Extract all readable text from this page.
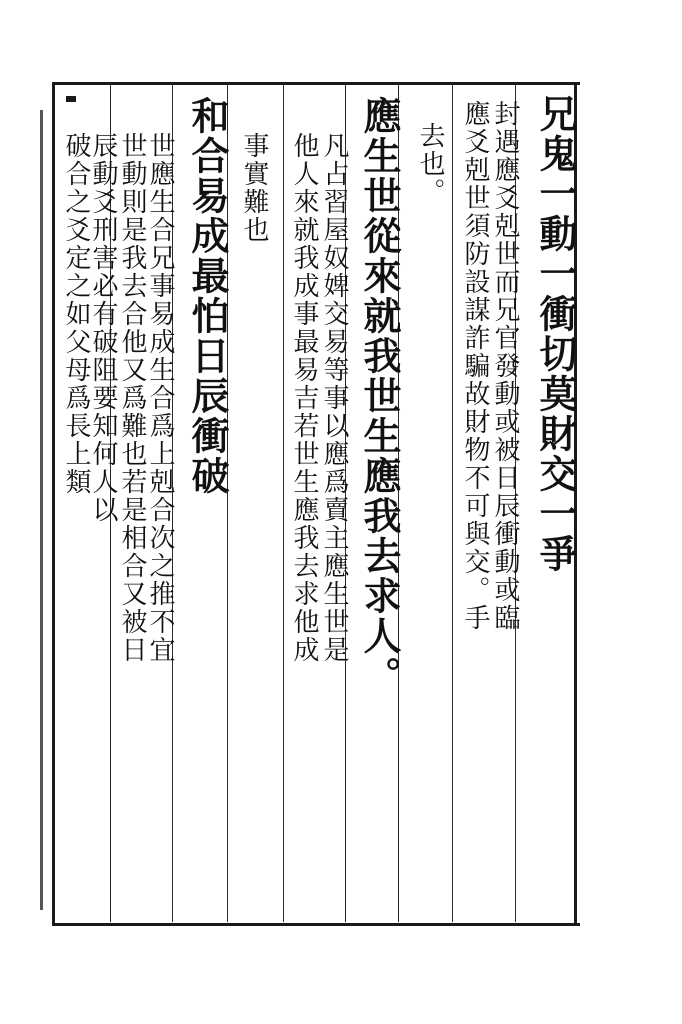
兄鬼一動一衝切莫財交一爭
封遇應爻剋世而兄官發動或被日辰衝動或臨
應爻剋世須防設謀詐騙故財物不可與交。手
去也。
應生世從來就我世生應我去求人。
凡占習屋奴婢交易等事以應爲賣主應生世是
他人來就我成事最易吉若世生應我去求他成
事實難也
和合易成最怕日辰衝破
世應生合兄事易成生合爲上剋合次之推不宜
世動則是我去合他又爲難也若是相合又被日
辰動爻刑害必有破阻要知何人以
破合之爻定之如父母爲長上類
